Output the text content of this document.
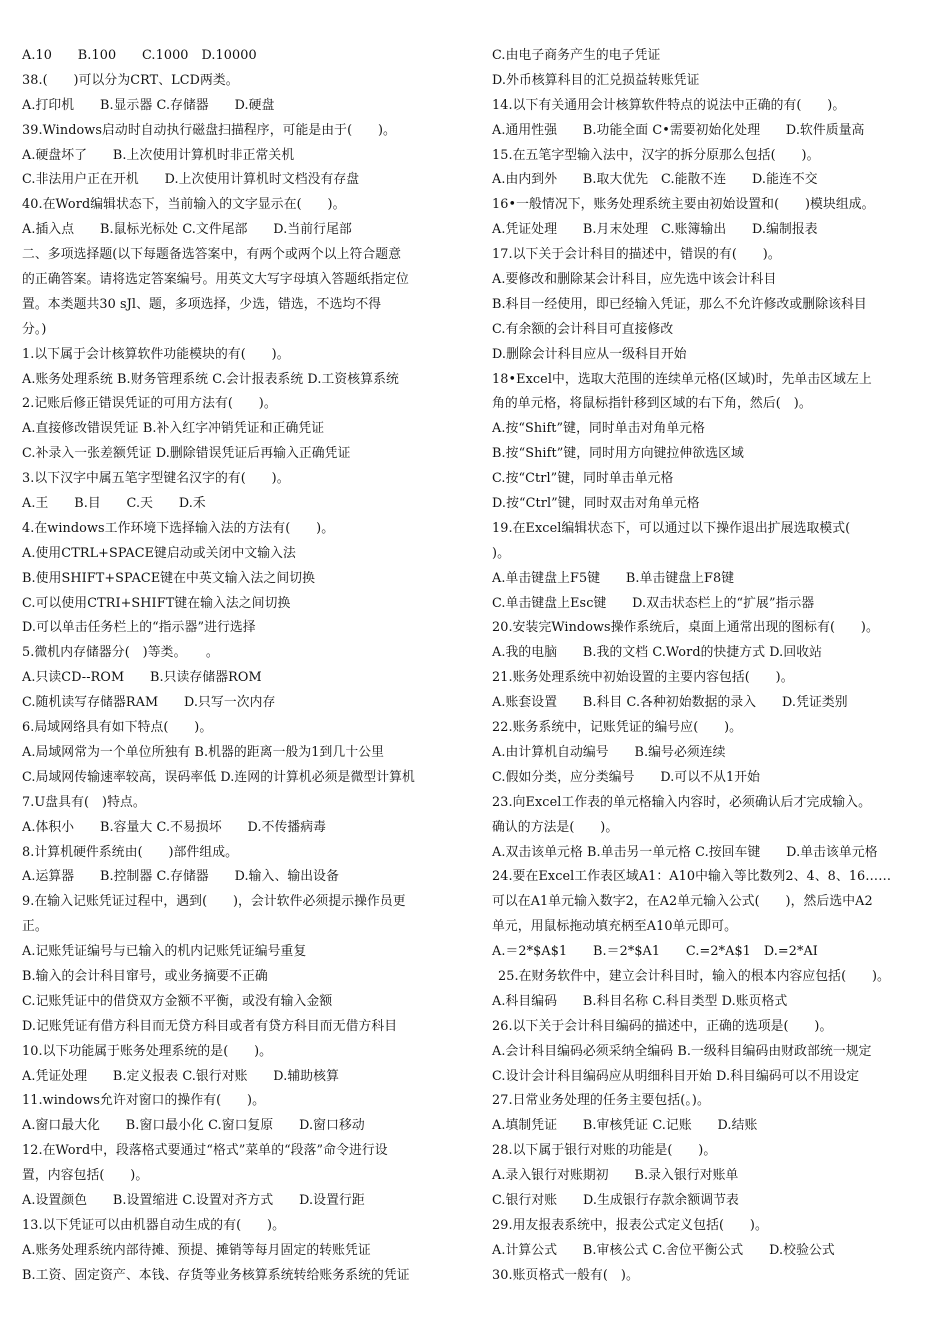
A.10　　B.100　　C.1000　D.10000
38.(　　)可以分为CRT、LCD两类。
A.打印机　　B.显示器 C.存储器　　D.硬盘
39.Windows启动时自动执行磁盘扫描程序，可能是由于(　　)。
A.硬盘坏了　　B.上次使用计算机时非正常关机
C.非法用户正在开机　　D.上次使用计算机时文档没有存盘
40.在Word编辑状态下，当前输入的文字显示在(　　)。
A.插入点　　B.鼠标光标处 C.文件尾部　　D.当前行尾部
二、多项选择题(以下每题备选答案中，有两个或两个以上符合题意
的正确答案。请将选定答案编号。用英文大写字母填入答题纸指定位
置。本类题共30 sJl、题，多项选择，少选，错选，不选均不得
分。)
1.以下属于会计核算软件功能模块的有(　　)。
A.账务处理系统 B.财务管理系统 C.会计报表系统 D.工资核算系统
2.记账后修正错误凭证的可用方法有(　　)。
A.直接修改错误凭证 B.补入红字冲销凭证和正确凭证
C.补录入一张差额凭证 D.删除错误凭证后再输入正确凭证
3.以下汉字中属五笔字型键名汉字的有(　　)。
A.王　　B.目　　C.天　　D.禾
4.在windows工作环境下选择输入法的方法有(　　)。
A.使用CTRL+SPACE键启动或关闭中文输入法
B.使用SHIFT+SPACE键在中英文输入法之间切换
C.可以使用CTRI+SHIFT键在输入法之间切换
D.可以单击任务栏上的“指示器”进行选择
5.微机内存储器分(　)等类。　　。
A.只读CD--ROM　　B.只读存储器ROM
C.随机读写存储器RAM　　D.只写一次内存
6.局域网络具有如下特点(　　)。
A.局域网常为一个单位所独有 B.机器的距离一般为1到几十公里
C.局域网传输速率较高，误码率低 D.连网的计算机必须是微型计算机
7.U盘具有(　)特点。
A.体积小　　B.容量大 C.不易损坏　　D.不传播病毒
8.计算机硬件系统由(　　)部件组成。
A.运算器　　B.控制器 C.存储器　　D.输入、输出设备
9.在输入记账凭证过程中，遇到(　　)，会计软件必须提示操作员更
正。
A.记账凭证编号与已输入的机内记账凭证编号重复
B.输入的会计科目窜号，或业务摘要不正确
C.记账凭证中的借贷双方金额不平衡，或没有输入金额
D.记账凭证有借方科目而无贷方科目或者有贷方科目而无借方科目
10.以下功能属于账务处理系统的是(　　)。
A.凭证处理　　B.定义报表 C.银行对账　　D.辅助核算
11.windows允许对窗口的操作有(　　)。
A.窗口最大化　　B.窗口最小化 C.窗口复原　　D.窗口移动
12.在Word中，段落格式要通过“格式”菜单的“段落”命令进行设
置，内容包括(　　)。
A.设置颜色　　B.设置缩进 C.设置对齐方式　　D.设置行距
13.以下凭证可以由机器自动生成的有(　　)。
A.账务处理系统内部待摊、预提、摊销等每月固定的转账凭证
B.工资、固定资产、本钱、存货等业务核算系统转给账务系统的凭证
C.由电子商务产生的电子凭证
D.外币核算科目的汇兑损益转账凭证
14.以下有关通用会计核算软件特点的说法中正确的有(　　)。
A.通用性强　　B.功能全面 C•需要初始化处理　　D.软件质量高
15.在五笔字型输入法中，汉字的拆分原那么包括(　　)。
A.由内到外　　B.取大优先　C.能散不连　　D.能连不交
16•一般情况下，账务处理系统主要由初始设置和(　　)模块组成。
A.凭证处理　　B.月末处理　C.账簿输出　　D.编制报表
17.以下关于会计科目的描述中，错误的有(　　)。
A.要修改和删除某会计科目，应先选中该会计科目
B.科目一经使用，即已经输入凭证，那么不允许修改或删除该科目
C.有余额的会计科目可直接修改
D.删除会计科目应从一级科目开始
18•Excel中，选取大范围的连续单元格(区域)时，先单击区域左上
角的单元格，将鼠标指针移到区域的右下角，然后(　)。
A.按“Shift”键，同时单击对角单元格
B.按“Shift”键，同时用方向键拉伸欲选区域
C.按“Ctrl”键，同时单击单元格
D.按“Ctrl”键，同时双击对角单元格
19.在Excel编辑状态下，可以通过以下操作退出扩展选取模式(
)。
A.单击键盘上F5键　　B.单击键盘上F8键
C.单击键盘上Esc键　　D.双击状态栏上的“扩展”指示器
20.安装完Windows操作系统后，桌面上通常出现的图标有(　　)。
A.我的电脑　　B.我的文档 C.Word的快捷方式 D.回收站
21.账务处理系统中初始设置的主要内容包括(　　)。
A.账套设置　　B.科目 C.各种初始数据的录入　　D.凭证类别
22.账务系统中，记账凭证的编号应(　　)。
A.由计算机自动编号　　B.编号必须连续
C.假如分类，应分类编号　　D.可以不从1开始
23.向Excel工作表的单元格输入内容时，必须确认后才完成输入。
确认的方法是(　　)。
A.双击该单元格 B.单击另一单元格 C.按回车键　　D.单击该单元格
24.要在Excel工作表区域A1：A10中输入等比数列2、4、8、16……
可以在A1单元输入数字2，在A2单元输入公式(　　)，然后选中A2
单元，用鼠标拖动填充柄至A10单元即可。
A.＝2*$A$1　　B.＝2*$A1　　C.=2*A$1　D.=2*AI
25.在财务软件中，建立会计科目时，输入的根本内容应包括(　　)。
A.科目编码　　B.科目名称 C.科目类型 D.账页格式
26.以下关于会计科目编码的描述中，正确的选项是(　　)。
A.会计科目编码必须采纳全编码 B.一级科目编码由财政部统一规定
C.设计会计科目编码应从明细科目开始 D.科目编码可以不用设定
27.日常业务处理的任务主要包括(。)。
A.填制凭证　　B.审核凭证 C.记账　　D.结账
28.以下属于银行对账的功能是(　　)。
A.录入银行对账期初　　B.录入银行对账单
C.银行对账　　D.生成银行存款余额调节表
29.用友报表系统中，报表公式定义包括(　　)。
A.计算公式　　B.审核公式 C.舍位平衡公式　　D.校验公式
30.账页格式一般有(　)。
